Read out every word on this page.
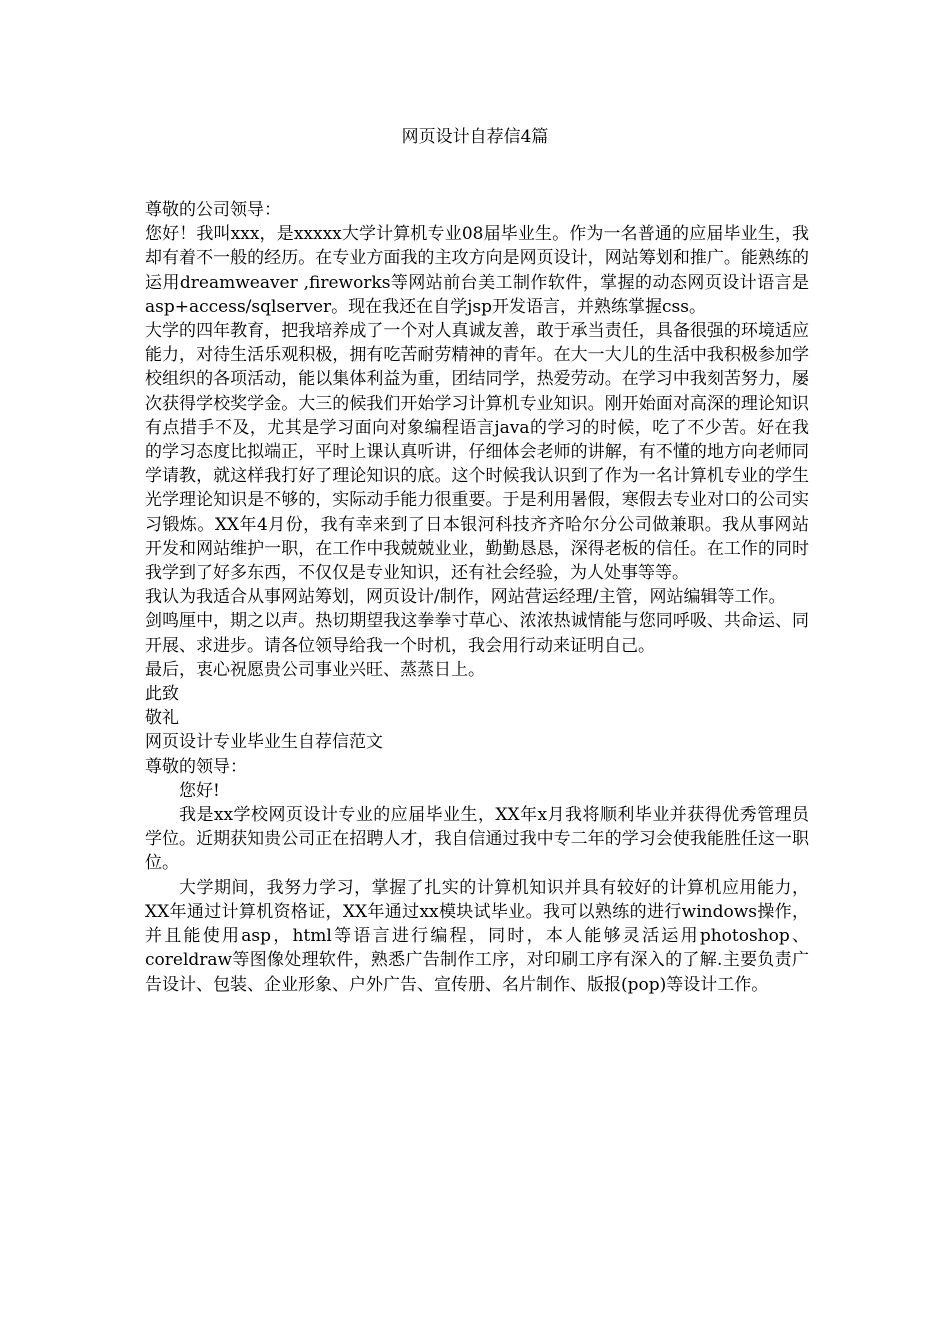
网页设计自荐信4篇

尊敬的公司领导：

您好！我叫xxx，是xxxxx大学计算机专业08届毕业生。作为一名普通的应届毕业生，我却有着不一般的经历。在专业方面我的主攻方向是网页设计，网站筹划和推广。能熟练的运用dreamweaver ,fireworks等网站前台美工制作软件，掌握的动态网页设计语言是asp+access/sqlserver。现在我还在自学jsp开发语言，并熟练掌握css。

大学的四年教育，把我培养成了一个对人真诚友善，敢于承当责任，具备很强的环境适应能力，对待生活乐观积极，拥有吃苦耐劳精神的青年。在大一大儿的生活中我积极参加学校组织的各项活动，能以集体利益为重，团结同学，热爱劳动。在学习中我刻苦努力，屡次获得学校奖学金。大三的候我们开始学习计算机专业知识。刚开始面对高深的理论知识有点措手不及，尤其是学习面向对象编程语言java的学习的时候，吃了不少苦。好在我的学习态度比拟端正，平时上课认真听讲，仔细体会老师的讲解，有不懂的地方向老师同学请教，就这样我打好了理论知识的底。这个时候我认识到了作为一名计算机专业的学生光学理论知识是不够的，实际动手能力很重要。于是利用暑假，寒假去专业对口的公司实习锻炼。XX年4月份，我有幸来到了日本银河科技齐齐哈尔分公司做兼职。我从事网站开发和网站维护一职，在工作中我兢兢业业，勤勤恳恳，深得老板的信任。在工作的同时我学到了好多东西，不仅仅是专业知识，还有社会经验，为人处事等等。

我认为我适合从事网站筹划，网页设计/制作，网站营运经理/主管，网站编辑等工作。

剑鸣厘中，期之以声。热切期望我这拳拳寸草心、浓浓热诚情能与您同呼吸、共命运、同开展、求进步。请各位领导给我一个时机，我会用行动来证明自己。

最后，衷心祝愿贵公司事业兴旺、蒸蒸日上。

此致

敬礼

网页设计专业毕业生自荐信范文

尊敬的领导：

您好!

我是xx学校网页设计专业的应届毕业生，XX年x月我将顺利毕业并获得优秀管理员学位。近期获知贵公司正在招聘人才，我自信通过我中专二年的学习会使我能胜任这一职位。

大学期间，我努力学习，掌握了扎实的计算机知识并具有较好的计算机应用能力，XX年通过计算机资格证，XX年通过xx模块试毕业。我可以熟练的进行windows操作，并且能使用asp，html等语言进行编程，同时，本人能够灵活运用photoshop、coreldraw等图像处理软件，熟悉广告制作工序，对印刷工序有深入的了解.主要负责广告设计、包装、企业形象、户外广告、宣传册、名片制作、版报(pop)等设计工作。
